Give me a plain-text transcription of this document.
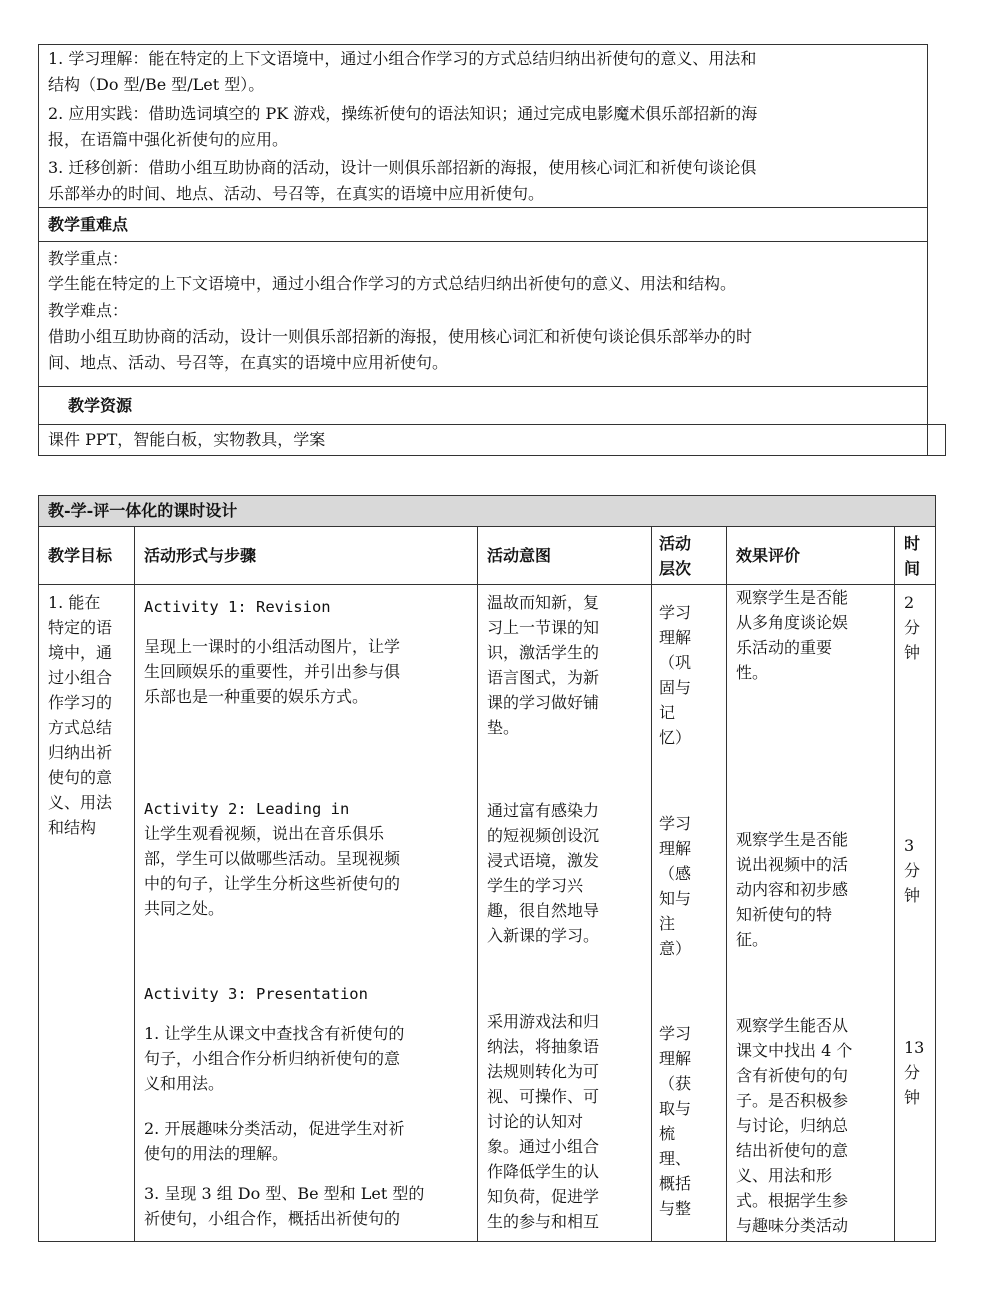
1. 学习理解：能在特定的上下文语境中，通过小组合作学习的方式总结归纳出祈使句的意义、用法和
结构（Do 型/Be 型/Let 型）。
2. 应用实践：借助选词填空的 PK 游戏，操练祈使句的语法知识；通过完成电影魔术俱乐部招新的海
报，在语篇中强化祈使句的应用。
3. 迁移创新：借助小组互助协商的活动，设计一则俱乐部招新的海报，使用核心词汇和祈使句谈论俱
乐部举办的时间、地点、活动、号召等，在真实的语境中应用祈使句。
教学重难点
教学重点：
学生能在特定的上下文语境中，通过小组合作学习的方式总结归纳出祈使句的意义、用法和结构。
教学难点：
借助小组互助协商的活动，设计一则俱乐部招新的海报，使用核心词汇和祈使句谈论俱乐部举办的时
间、地点、活动、号召等，在真实的语境中应用祈使句。
教学资源
课件 PPT，智能白板，实物教具，学案
教-学-评一体化的课时设计
教学目标 活动形式与步骤	活动意图
活动
层次
效果评价
时
间
1. 能在
特定的语
境中，通
过小组合
作学习的
方式总结
归纳出祈
使句的意
义、用法
和结构
Activity 1: Revision
呈现上一课时的小组活动图片，让学
生回顾娱乐的重要性，并引出参与俱
乐部也是一种重要的娱乐方式。
温故而知新，复
习上一节课的知
识，激活学生的
语言图式，为新
课的学习做好铺
垫。
学习
理解
（巩
固与
记
忆）
观察学生是否能
从多角度谈论娱
乐活动的重要
性。
2
分
钟
Activity 2: Leading in
让学生观看视频，说出在音乐俱乐
部，学生可以做哪些活动。呈现视频
中的句子，让学生分析这些祈使句的
共同之处。
通过富有感染力
的短视频创设沉
浸式语境，激发
学生的学习兴
趣，很自然地导
入新课的学习。
学习
理解
（感
知与
注
意）
观察学生是否能
说出视频中的活
动内容和初步感
知祈使句的特
征。
3
分
钟
Activity 3: Presentation
1. 让学生从课文中查找含有祈使句的
句子，小组合作分析归纳祈使句的意
义和用法。
2. 开展趣味分类活动，促进学生对祈
使句的用法的理解。
3. 呈现 3 组 Do 型、Be 型和 Let 型的
祈使句，小组合作，概括出祈使句的
采用游戏法和归
纳法，将抽象语
法规则转化为可
视、可操作、可
讨论的认知对
象。通过小组合
作降低学生的认
知负荷，促进学
生的参与和相互
学习
理解
（获
取与
梳
理、
概括
与整
观察学生能否从
课文中找出 4 个
含有祈使句的句
子。是否积极参
与讨论，归纳总
结出祈使句的意
义、用法和形
式。根据学生参
与趣味分类活动
13
分
钟
